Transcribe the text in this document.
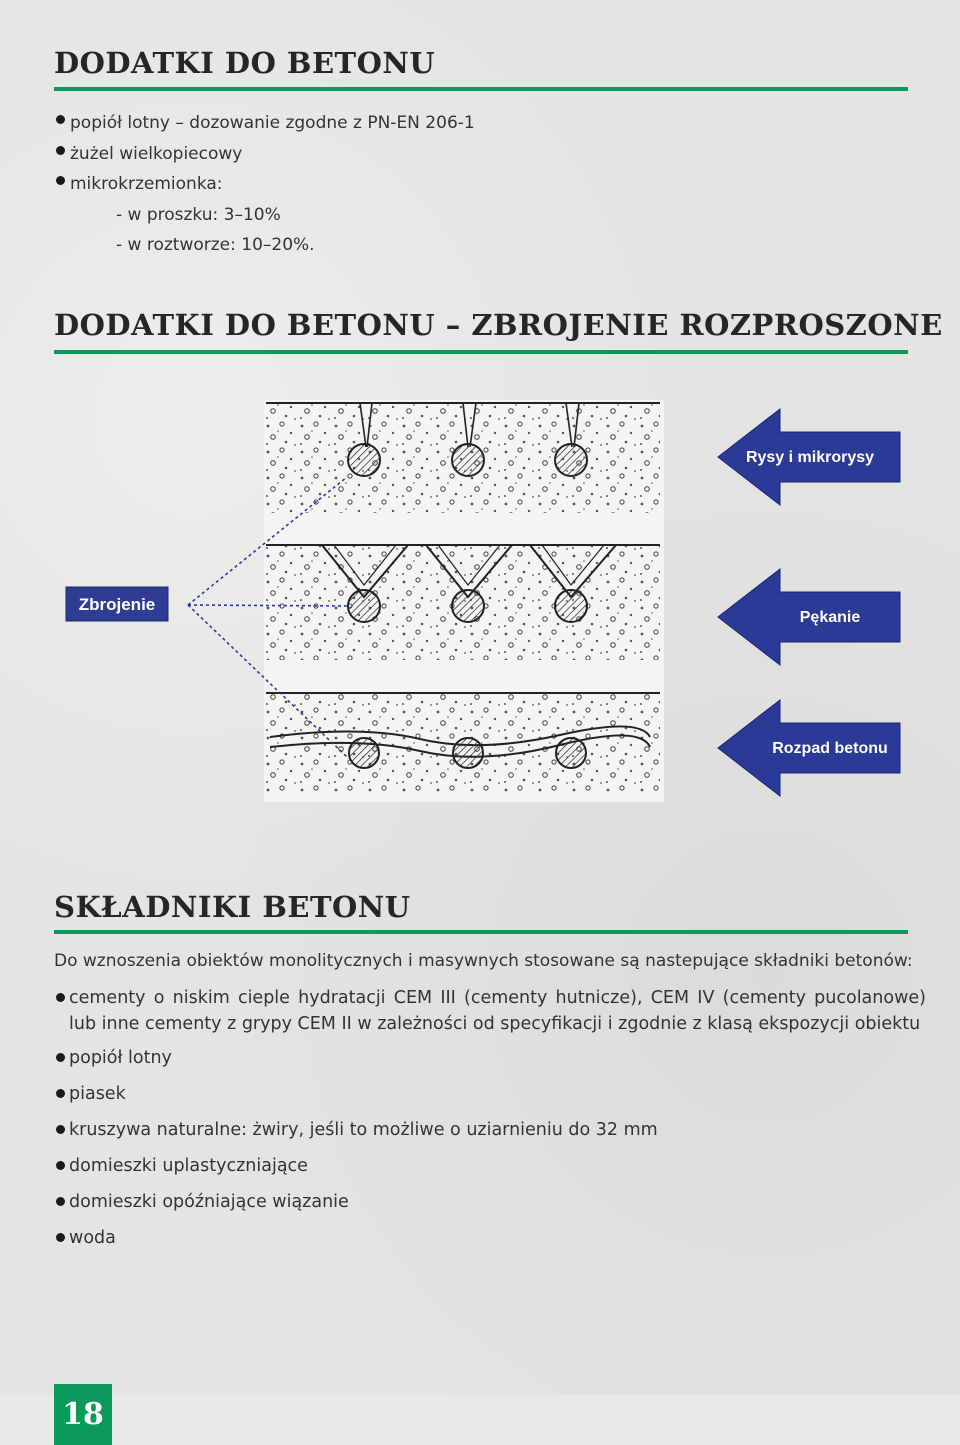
DODATKI DO BETONU
popiół lotny – dozowanie zgodne z PN-EN 206-1
żużel wielkopiecowy
mikrokrzemionka:
- w proszku: 3–10%
- w roztworze: 10–20%.
DODATKI DO BETONU – ZBROJENIE ROZPROSZONE
Zbrojenie
Rysy i mikrorysy
Pękanie
Rozpad betonu
SKŁADNIKI BETONU

Do wznoszenia obiektów monolitycznych i masywnych stosowane są nastepujące składniki betonów:

cementy o niskim cieple hydratacji CEM III (cementy hutnicze), CEM IV (cementy pucolanowe) lub inne cementy z grypy CEM II w zależności od specyfikacji i zgodnie z klasą ekspozycji obiektu
popiół lotny
piasek
kruszywa naturalne: żwiry, jeśli to możliwe o uziarnieniu do 32 mm
domieszki uplastyczniające
domieszki opóźniające wiązanie
woda
18
